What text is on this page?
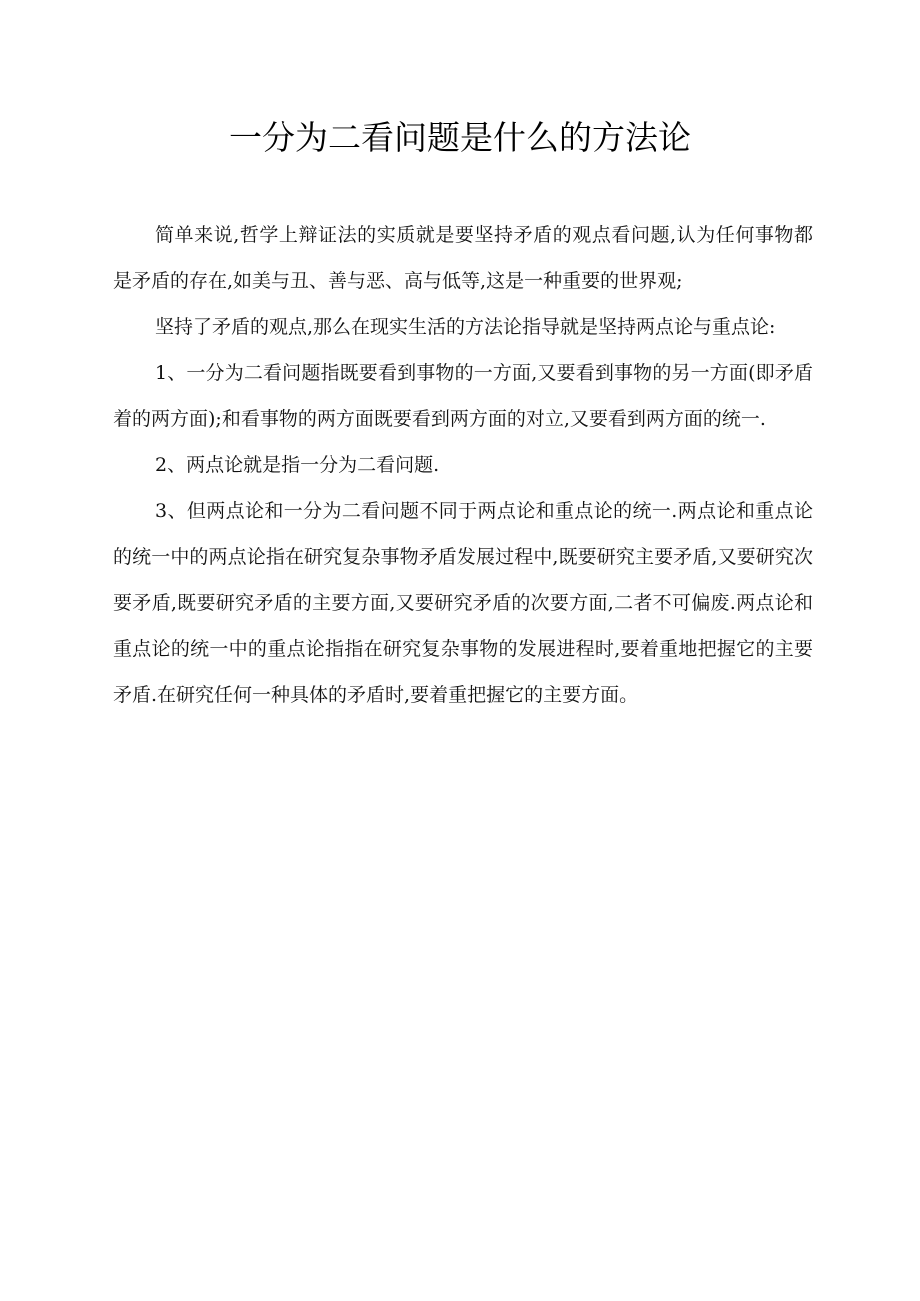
一分为二看问题是什么的方法论

简单来说,哲学上辩证法的实质就是要坚持矛盾的观点看问题,认为任何事物都是矛盾的存在,如美与丑、善与恶、高与低等,这是一种重要的世界观;

坚持了矛盾的观点,那么在现实生活的方法论指导就是坚持两点论与重点论:

1、一分为二看问题指既要看到事物的一方面,又要看到事物的另一方面(即矛盾着的两方面);和看事物的两方面既要看到两方面的对立,又要看到两方面的统一.

2、两点论就是指一分为二看问题.

3、但两点论和一分为二看问题不同于两点论和重点论的统一.两点论和重点论的统一中的两点论指在研究复杂事物矛盾发展过程中,既要研究主要矛盾,又要研究次要矛盾,既要研究矛盾的主要方面,又要研究矛盾的次要方面,二者不可偏废.两点论和重点论的统一中的重点论指指在研究复杂事物的发展进程时,要着重地把握它的主要矛盾.在研究任何一种具体的矛盾时,要着重把握它的主要方面。
